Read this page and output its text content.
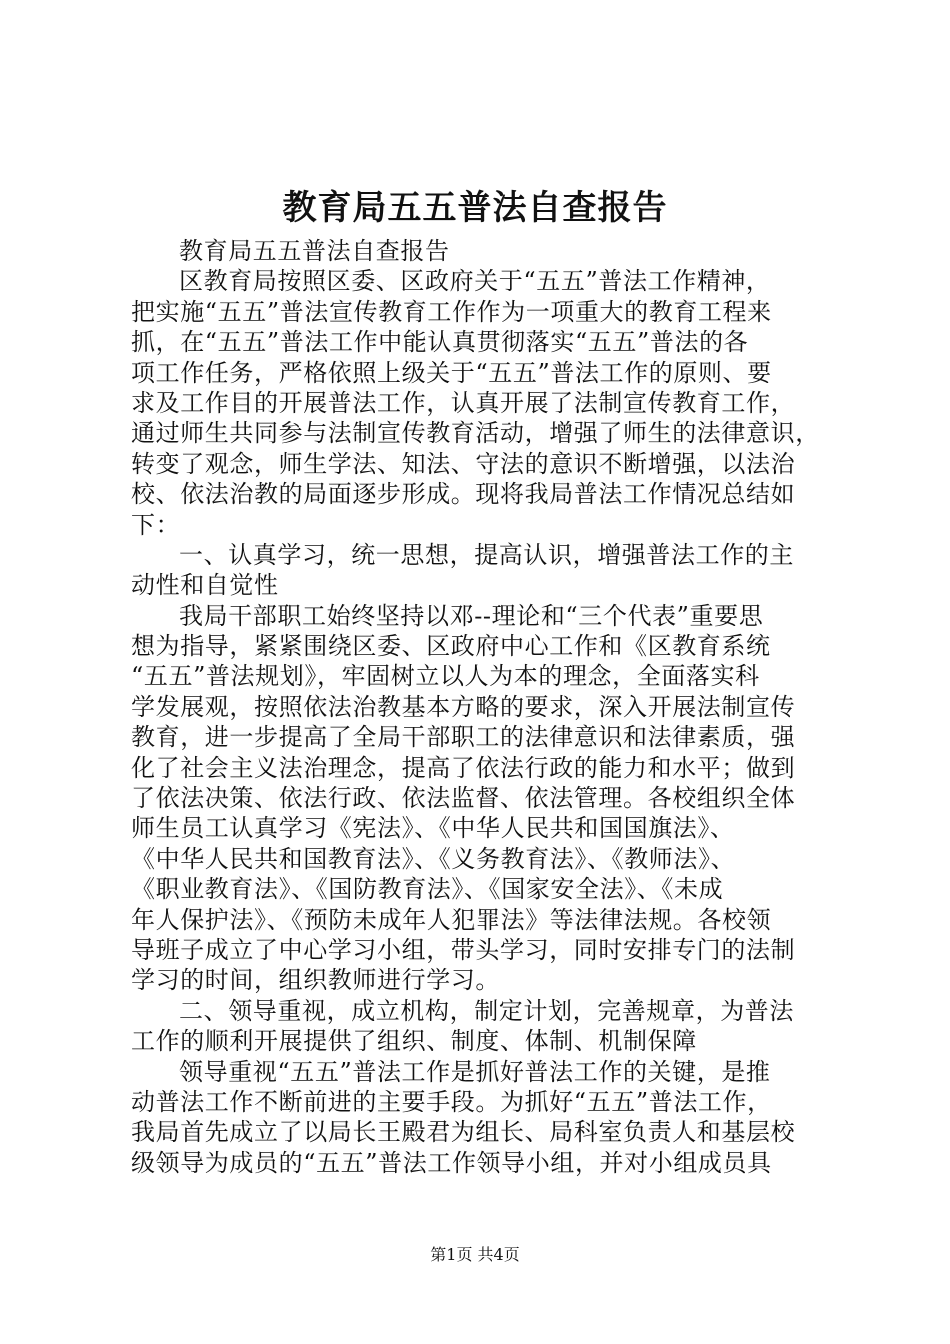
教育局五五普法自查报告
教育局五五普法自查报告
区教育局按照区委、区政府关于“五五”普法工作精神，
把实施“五五”普法宣传教育工作作为一项重大的教育工程来
抓，在“五五”普法工作中能认真贯彻落实“五五”普法的各
项工作任务，严格依照上级关于“五五”普法工作的原则、要
求及工作目的开展普法工作，认真开展了法制宣传教育工作，
通过师生共同参与法制宣传教育活动，增强了师生的法律意识，
转变了观念，师生学法、知法、守法的意识不断增强，以法治
校、依法治教的局面逐步形成。现将我局普法工作情况总结如
下：
一、认真学习，统一思想，提高认识，增强普法工作的主
动性和自觉性
我局干部职工始终坚持以邓--理论和“三个代表”重要思
想为指导，紧紧围绕区委、区政府中心工作和《区教育系统
“五五”普法规划》，牢固树立以人为本的理念，全面落实科
学发展观，按照依法治教基本方略的要求，深入开展法制宣传
教育，进一步提高了全局干部职工的法律意识和法律素质，强
化了社会主义法治理念，提高了依法行政的能力和水平；做到
了依法决策、依法行政、依法监督、依法管理。各校组织全体
师生员工认真学习《宪法》、《中华人民共和国国旗法》、
《中华人民共和国教育法》、《义务教育法》、《教师法》、
《职业教育法》、《国防教育法》、《国家安全法》、《未成
年人保护法》、《预防未成年人犯罪法》等法律法规。各校领
导班子成立了中心学习小组，带头学习，同时安排专门的法制
学习的时间，组织教师进行学习。
二、领导重视，成立机构，制定计划，完善规章，为普法
工作的顺利开展提供了组织、制度、体制、机制保障
领导重视“五五”普法工作是抓好普法工作的关键，是推
动普法工作不断前进的主要手段。为抓好“五五”普法工作，
我局首先成立了以局长王殿君为组长、局科室负责人和基层校
级领导为成员的“五五”普法工作领导小组，并对小组成员具
第1页 共4页
